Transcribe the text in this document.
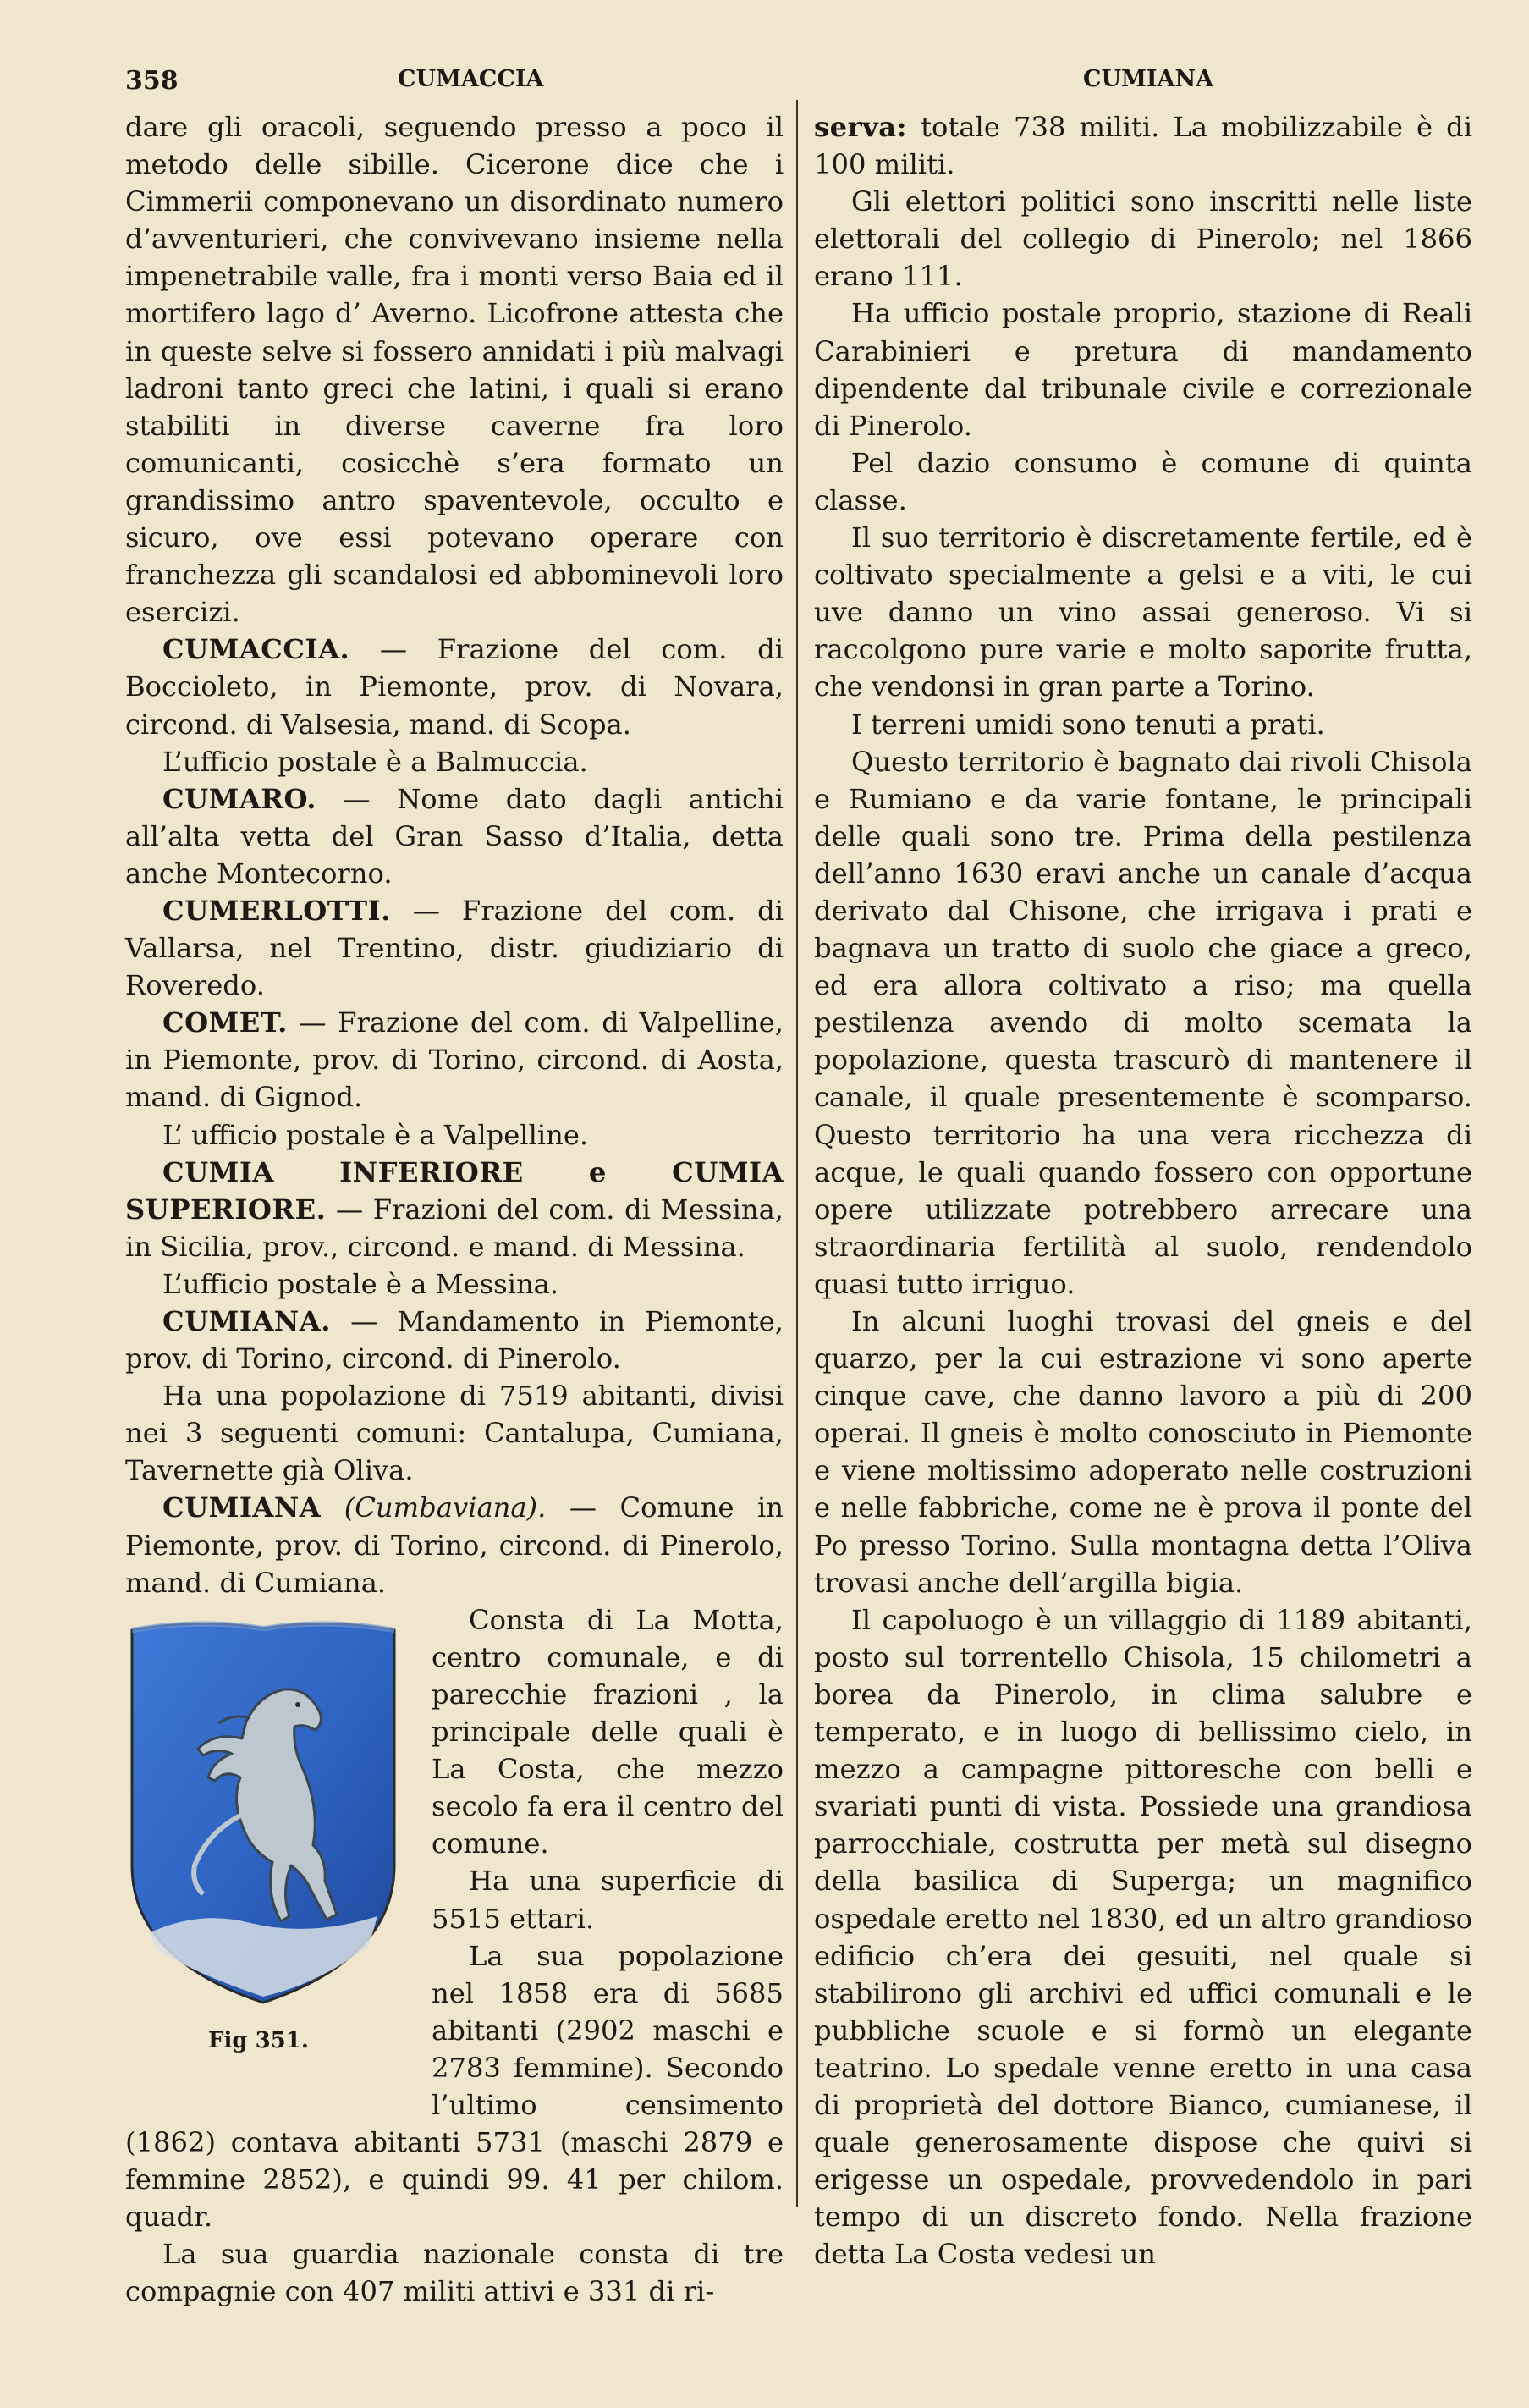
358	CUMACCIA	CUMIANA

dare gli oracoli, seguendo presso a poco il metodo delle sibille. Cicerone dice che i Cimmerii componevano un disordinato numero d’avventurieri, che convivevano insieme nella impenetrabile valle, fra i monti verso Baia ed il mortifero lago d’ Averno. Licofrone attesta che in queste selve si fossero annidati i più malvagi ladroni tanto greci che latini, i quali si erano stabiliti in diverse caverne fra loro comunicanti, cosicchè s’era formato un grandissimo antro spaventevole, occulto e sicuro, ove essi potevano operare con franchezza gli scandalosi ed abbominevoli loro esercizi.

CUMACCIA. — Frazione del com. di Boccioleto, in Piemonte, prov. di Novara, circond. di Valsesia, mand. di Scopa.

L’ufficio postale è a Balmuccia.

CUMARO. — Nome dato dagli antichi all’alta vetta del Gran Sasso d’Italia, detta anche Montecorno.

CUMERLOTTI. — Frazione del com. di Vallarsa, nel Trentino, distr. giudiziario di Roveredo.

COMET. — Frazione del com. di Valpelline, in Piemonte, prov. di Torino, circond. di Aosta, mand. di Gignod.

L’ ufficio postale è a Valpelline.

CUMIA INFERIORE e CUMIA SUPERIORE. — Frazioni del com. di Messina, in Sicilia, prov., circond. e mand. di Messina.

L’ufficio postale è a Messina.

CUMIANA. — Mandamento in Piemonte, prov. di Torino, circond. di Pinerolo.

Ha una popolazione di 7519 abitanti, divisi nei 3 seguenti comuni: Cantalupa, Cumiana, Tavernette già Oliva.

CUMIANA (Cumbaviana). — Comune in Piemonte, prov. di Torino, circond. di Pinerolo, mand. di Cumiana.

Fig 351.

Consta di La Motta, centro comunale, e di parecchie frazioni , la principale delle quali è La Costa, che mezzo secolo fa era il centro del comune.

Ha una superficie di 5515 ettari.

La sua popolazione nel 1858 era di 5685 abitanti (2902 maschi e 2783 femmine). Secondo l’ultimo censimento (1862) contava abitanti 5731 (maschi 2879 e femmine 2852), e quindi 99. 41 per chilom. quadr.

La sua guardia nazionale consta di tre compagnie con 407 militi attivi e 331 di ri-

serva: totale 738 militi. La mobilizzabile è di 100 militi.

Gli elettori politici sono inscritti nelle liste elettorali del collegio di Pinerolo; nel 1866 erano 111.

Ha ufficio postale proprio, stazione di Reali Carabinieri e pretura di mandamento dipendente dal tribunale civile e correzionale di Pinerolo.

Pel dazio consumo è comune di quinta classe.

Il suo territorio è discretamente fertile, ed è coltivato specialmente a gelsi e a viti, le cui uve danno un vino assai generoso. Vi si raccolgono pure varie e molto saporite frutta, che vendonsi in gran parte a Torino.

I terreni umidi sono tenuti a prati.

Questo territorio è bagnato dai rivoli Chisola e Rumiano e da varie fontane, le principali delle quali sono tre. Prima della pestilenza dell’anno 1630 eravi anche un canale d’acqua derivato dal Chisone, che irrigava i prati e bagnava un tratto di suolo che giace a greco, ed era allora coltivato a riso; ma quella pestilenza avendo di molto scemata la popolazione, questa trascurò di mantenere il canale, il quale presentemente è scomparso. Questo territorio ha una vera ricchezza di acque, le quali quando fossero con opportune opere utilizzate potrebbero arrecare una straordinaria fertilità al suolo, rendendolo quasi tutto irriguo.

In alcuni luoghi trovasi del gneis e del quarzo, per la cui estrazione vi sono aperte cinque cave, che danno lavoro a più di 200 operai. Il gneis è molto conosciuto in Piemonte e viene moltissimo adoperato nelle costruzioni e nelle fabbriche, come ne è prova il ponte del Po presso Torino. Sulla montagna detta l’Oliva trovasi anche dell’argilla bigia.

Il capoluogo è un villaggio di 1189 abitanti, posto sul torrentello Chisola, 15 chilometri a borea da Pinerolo, in clima salubre e temperato, e in luogo di bellissimo cielo, in mezzo a campagne pittoresche con belli e svariati punti di vista. Possiede una grandiosa parrocchiale, costrutta per metà sul disegno della basilica di Superga; un magnifico ospedale eretto nel 1830, ed un altro grandioso edificio ch’era dei gesuiti, nel quale si stabilirono gli archivi ed uffici comunali e le pubbliche scuole e si formò un elegante teatrino. Lo spedale venne eretto in una casa di proprietà del dottore Bianco, cumianese, il quale generosamente dispose che quivi si erigesse un ospedale, provvedendolo in pari tempo di un discreto fondo. Nella frazione detta La Costa vedesi un
